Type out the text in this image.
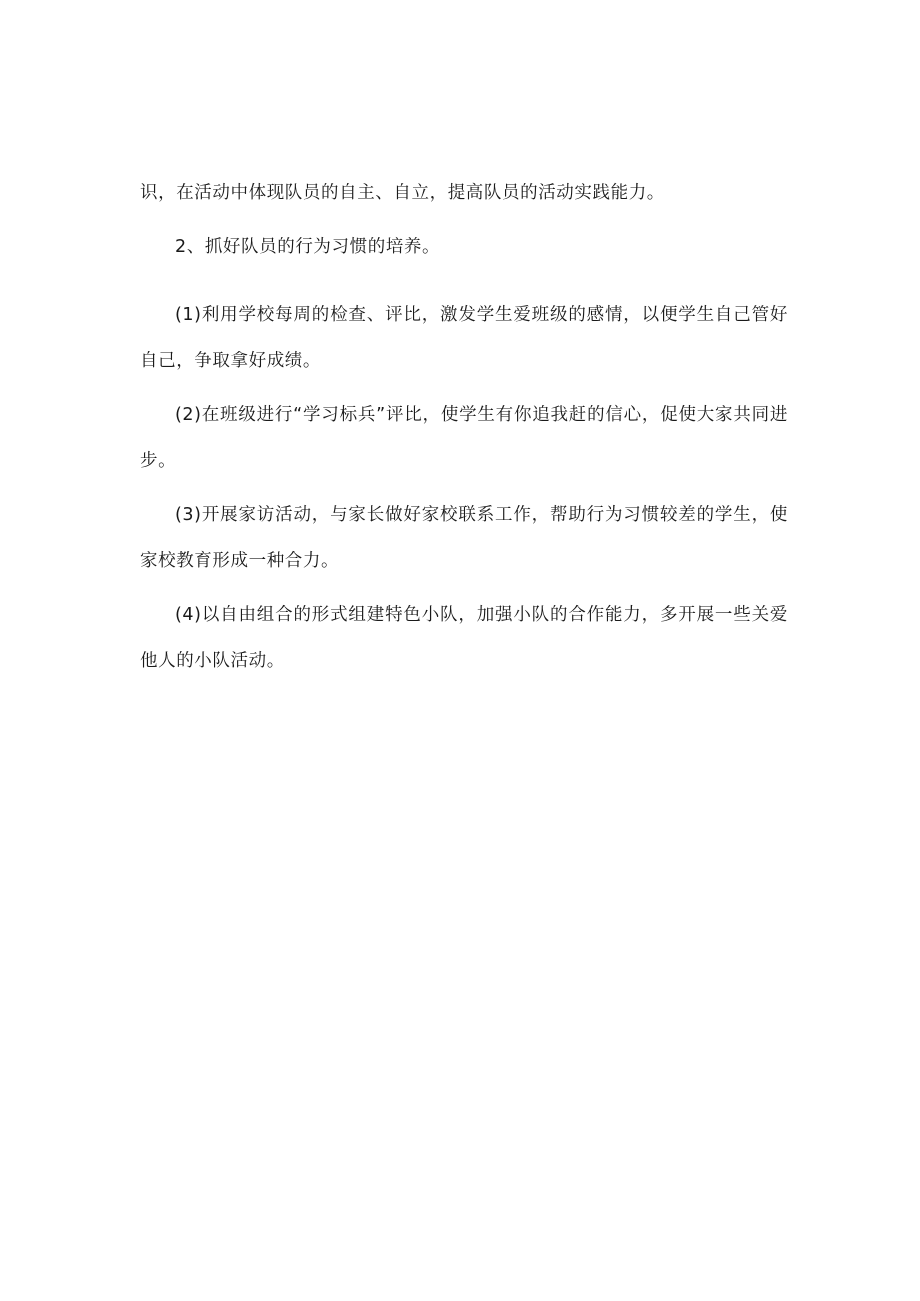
识，在活动中体现队员的自主、自立，提高队员的活动实践能力。

2、抓好队员的行为习惯的培养。

(1)利用学校每周的检查、评比，激发学生爱班级的感情，以便学生自己管好自己，争取拿好成绩。

(2)在班级进行“学习标兵”评比，使学生有你追我赶的信心，促使大家共同进步。

(3)开展家访活动，与家长做好家校联系工作，帮助行为习惯较差的学生，使家校教育形成一种合力。

(4)以自由组合的形式组建特色小队，加强小队的合作能力，多开展一些关爱他人的小队活动。
